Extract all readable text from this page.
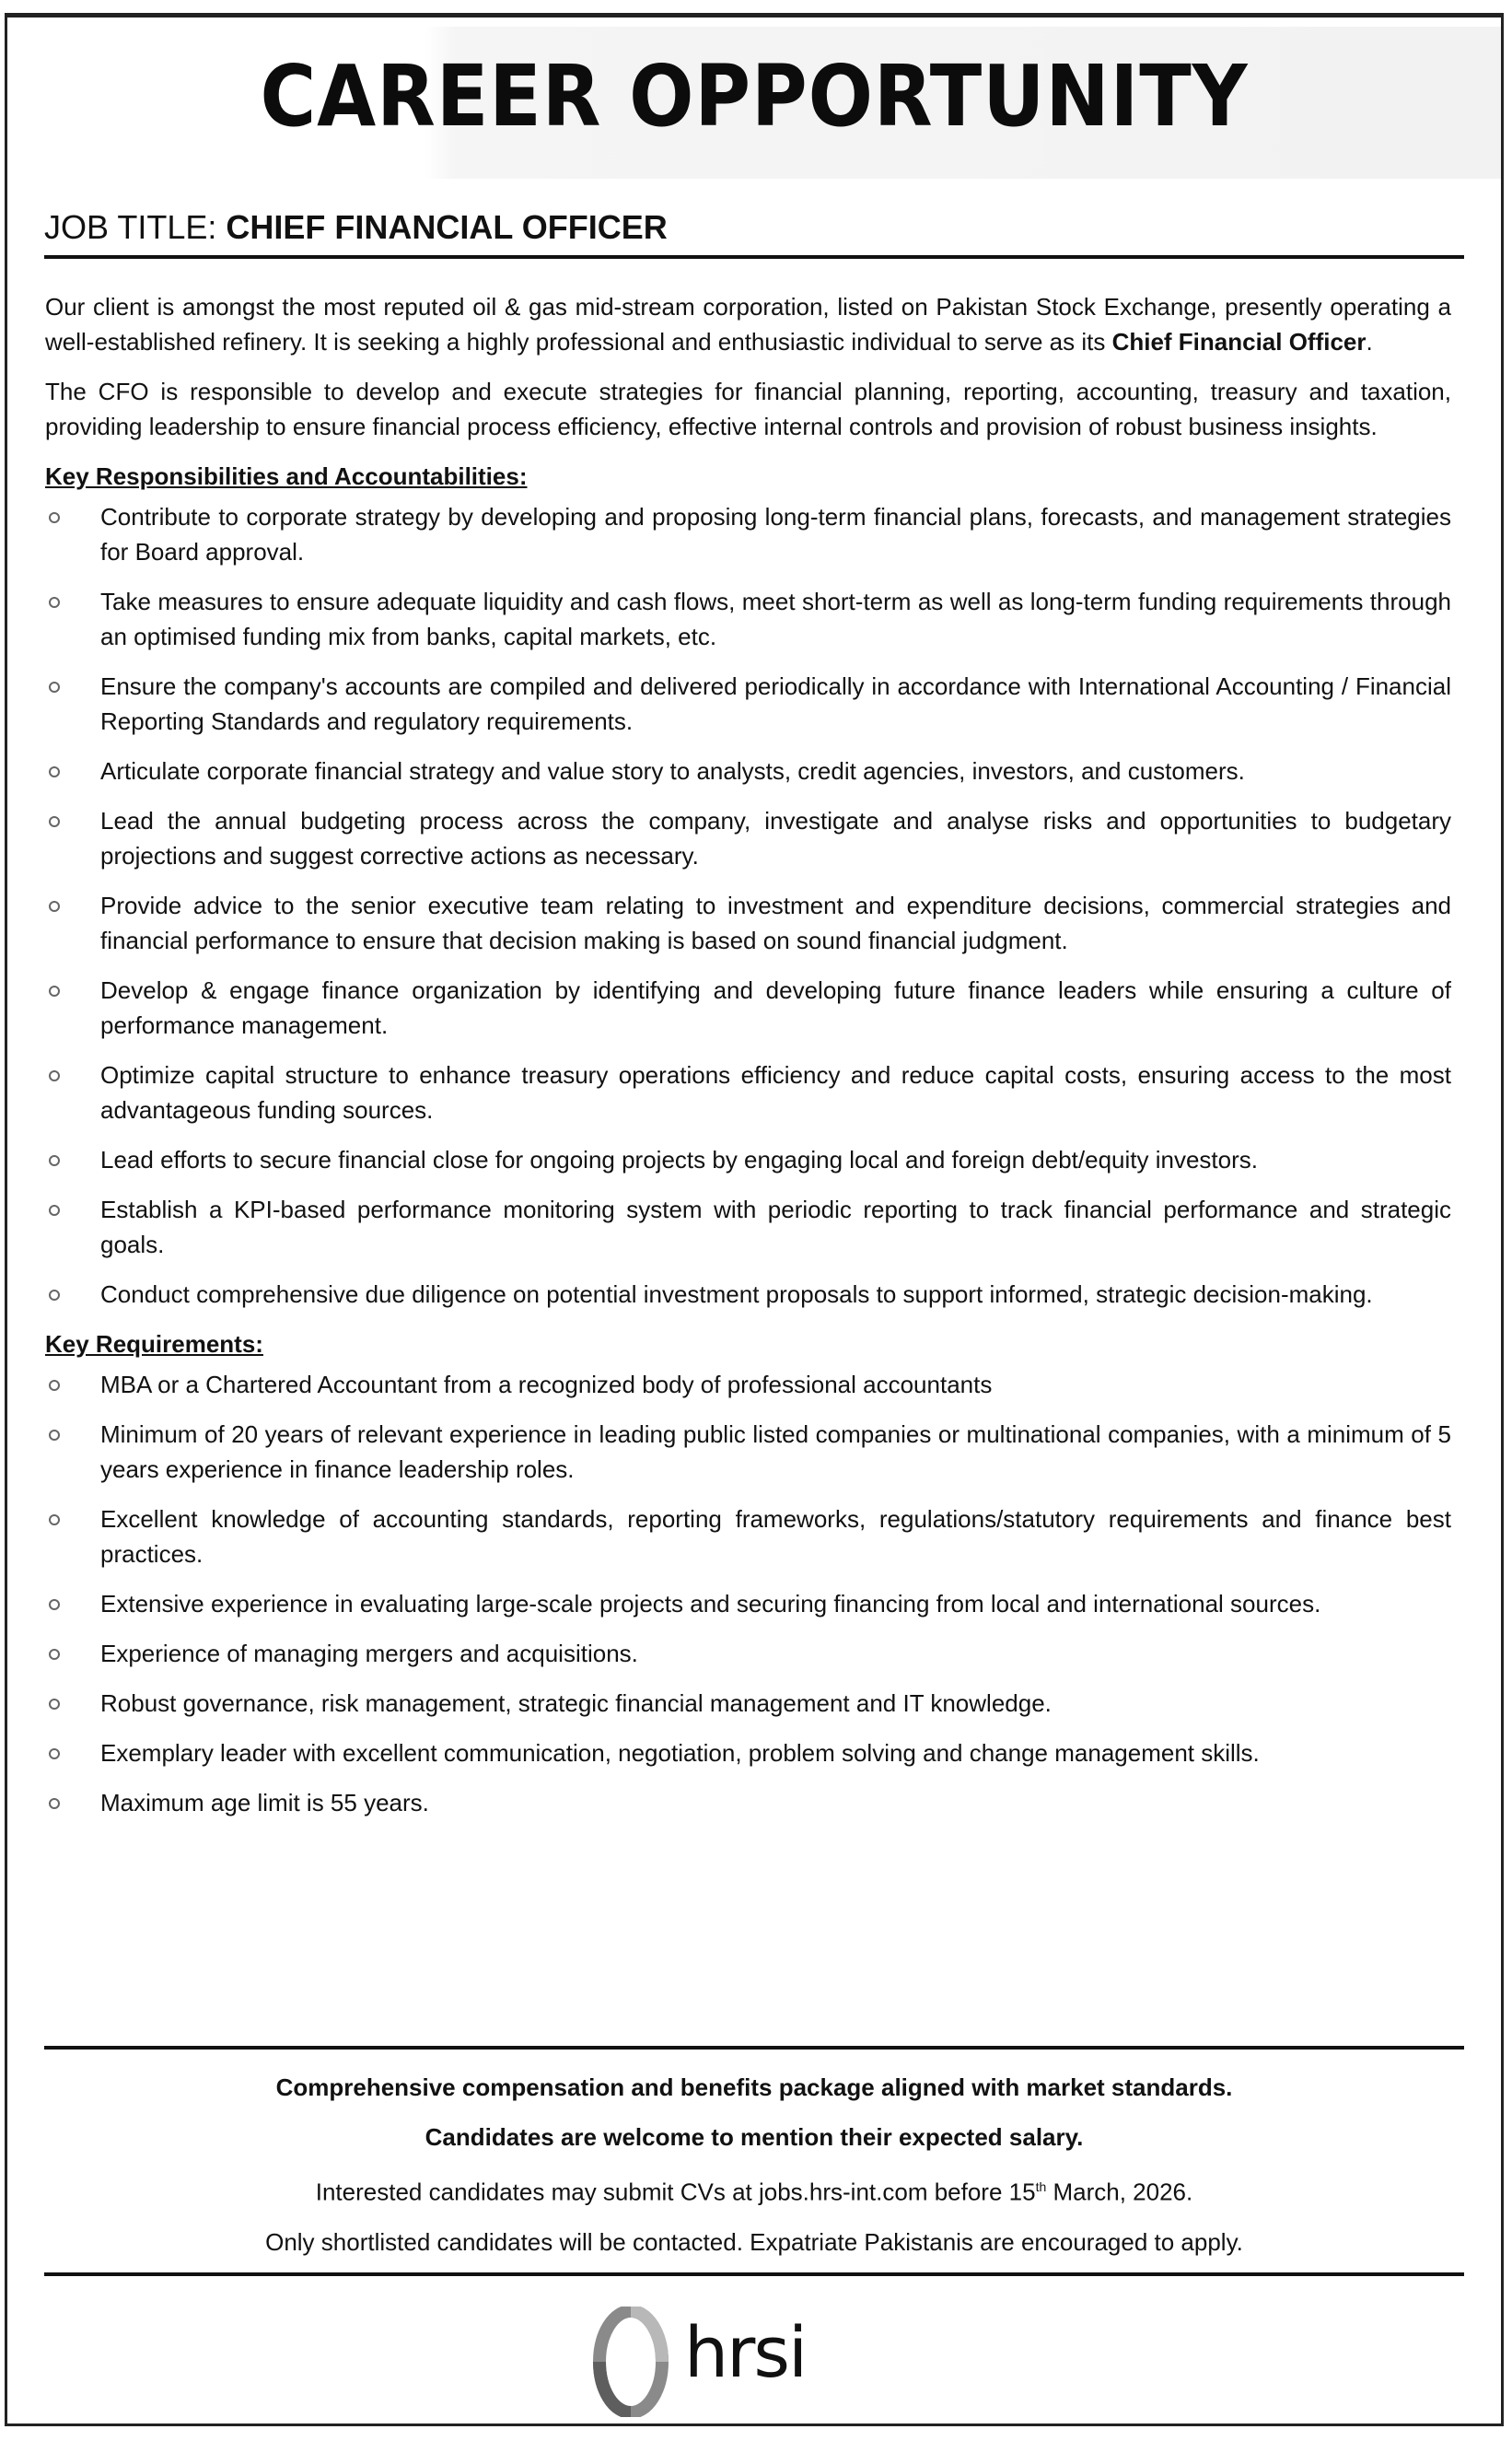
CAREER OPPORTUNITY
JOB TITLE: CHIEF FINANCIAL OFFICER

Our client is amongst the most reputed oil & gas mid-stream corporation, listed on Pakistan Stock Exchange, presently operating a well-established refinery. It is seeking a highly professional and enthusiastic individual to serve as its Chief Financial Officer.

The CFO is responsible to develop and execute strategies for financial planning, reporting, accounting, treasury and taxation, providing leadership to ensure financial process efficiency, effective internal controls and provision of robust business insights.

Key Responsibilities and Accountabilities:
Contribute to corporate strategy by developing and proposing long-term financial plans, forecasts, and management strategies for Board approval.
Take measures to ensure adequate liquidity and cash flows, meet short-term as well as long-term funding requirements through an optimised funding mix from banks, capital markets, etc.
Ensure the company's accounts are compiled and delivered periodically in accordance with International Accounting / Financial Reporting Standards and regulatory requirements.
Articulate corporate financial strategy and value story to analysts, credit agencies, investors, and customers.
Lead the annual budgeting process across the company, investigate and analyse risks and opportunities to budgetary projections and suggest corrective actions as necessary.
Provide advice to the senior executive team relating to investment and expenditure decisions, commercial strategies and financial performance to ensure that decision making is based on sound financial judgment.
Develop & engage finance organization by identifying and developing future finance leaders while ensuring a culture of performance management.
Optimize capital structure to enhance treasury operations efficiency and reduce capital costs, ensuring access to the most advantageous funding sources.
Lead efforts to secure financial close for ongoing projects by engaging local and foreign debt/equity investors.
Establish a KPI-based performance monitoring system with periodic reporting to track financial performance and strategic goals.
Conduct comprehensive due diligence on potential investment proposals to support informed, strategic decision-making.
Key Requirements:
MBA or a Chartered Accountant from a recognized body of professional accountants
Minimum of 20 years of relevant experience in leading public listed companies or multinational companies, with a minimum of 5 years experience in finance leadership roles.
Excellent knowledge of accounting standards, reporting frameworks, regulations/statutory requirements and finance best practices.
Extensive experience in evaluating large-scale projects and securing financing from local and international sources.
Experience of managing mergers and acquisitions.
Robust governance, risk management, strategic financial management and IT knowledge.
Exemplary leader with excellent communication, negotiation, problem solving and change management skills.
Maximum age limit is 55 years.

Comprehensive compensation and benefits package aligned with market standards.

Candidates are welcome to mention their expected salary.

Interested candidates may submit CVs at jobs.hrs-int.com before 15th March, 2026.

Only shortlisted candidates will be contacted. Expatriate Pakistanis are encouraged to apply.

hrsi
